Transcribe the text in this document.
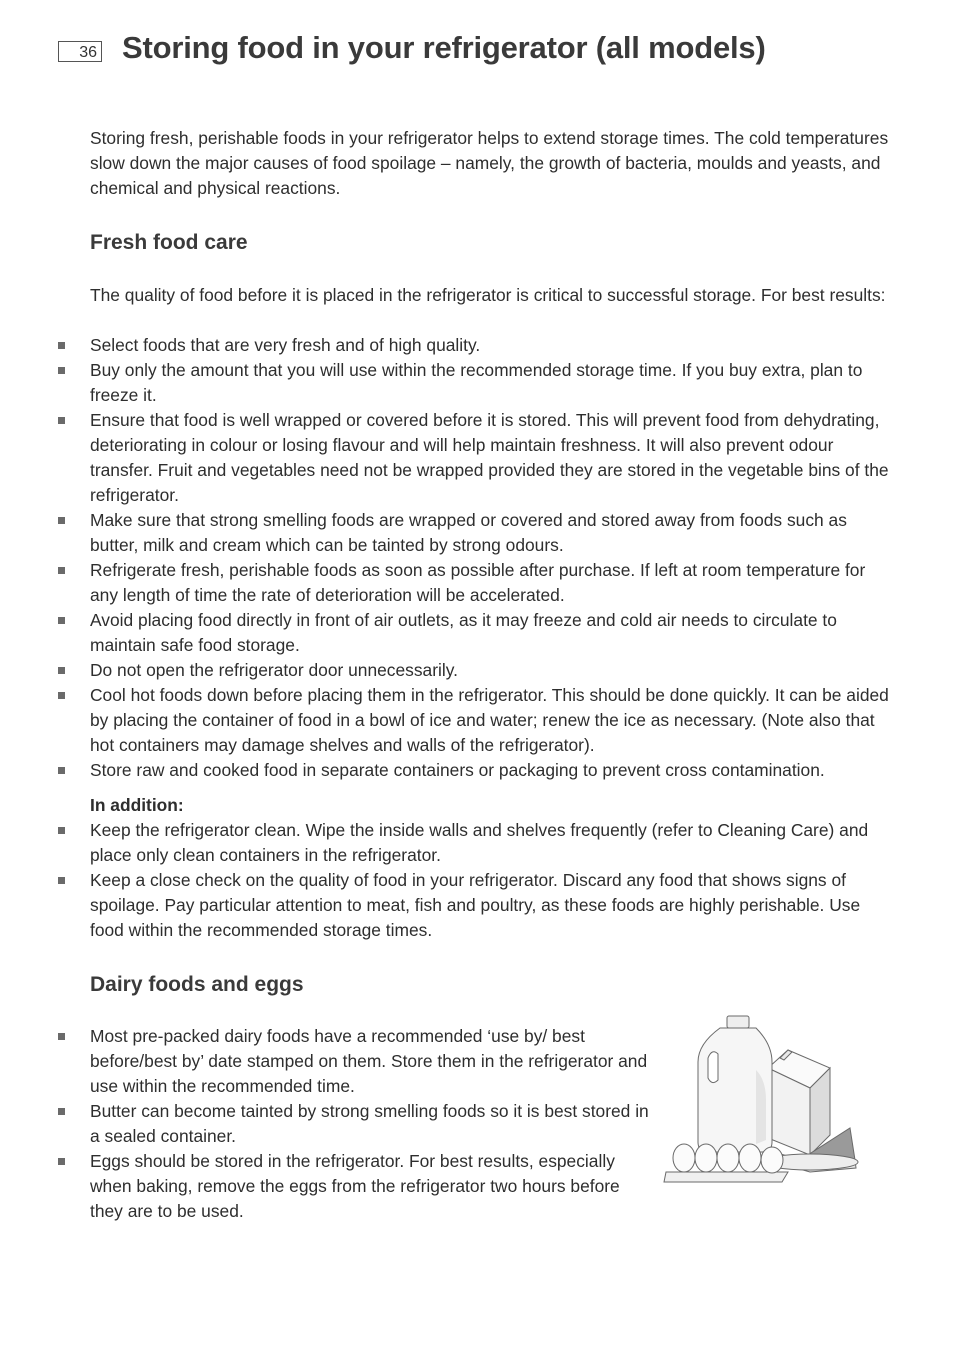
36 Storing food in your refrigerator (all models)

Storing fresh, perishable foods in your refrigerator helps to extend storage times. The cold temperatures slow down the major causes of food spoilage – namely, the growth of bacteria, moulds and yeasts, and chemical and physical reactions.

Fresh food care

The quality of food before it is placed in the refrigerator is critical to successful storage. For best results:

Select foods that are very fresh and of high quality.
Buy only the amount that you will use within the recommended storage time. If you buy extra, plan to freeze it.
Ensure that food is well wrapped or covered before it is stored. This will prevent food from dehydrating, deteriorating in colour or losing flavour and will help maintain freshness. It will also prevent odour transfer. Fruit and vegetables need not be wrapped provided they are stored in the vegetable bins of the refrigerator.
Make sure that strong smelling foods are wrapped or covered and stored away from foods such as butter, milk and cream which can be tainted by strong odours.
Refrigerate fresh, perishable foods as soon as possible after purchase. If left at room temperature for any length of time the rate of deterioration will be accelerated.
Avoid placing food directly in front of air outlets, as it may freeze and cold air needs to circulate to maintain safe food storage.
Do not open the refrigerator door unnecessarily.
Cool hot foods down before placing them in the refrigerator. This should be done quickly. It can be aided by placing the container of food in a bowl of ice and water; renew the ice as necessary. (Note also that hot containers may damage shelves and walls of the refrigerator).
Store raw and cooked food in separate containers or packaging to prevent cross contamination.
In addition:
Keep the refrigerator clean. Wipe the inside walls and shelves frequently (refer to Cleaning Care) and place only clean containers in the refrigerator.
Keep a close check on the quality of food in your refrigerator. Discard any food that shows signs of spoilage. Pay particular attention to meat, fish and poultry, as these foods are highly perishable. Use food within the recommended storage times.
Dairy foods and eggs
Most pre-packed dairy foods have a recommended ‘use by/ best before/best by’ date stamped on them. Store them in the refrigerator and use within the recommended time.
Butter can become tainted by strong smelling foods so it is best stored in a sealed container.
Eggs should be stored in the refrigerator. For best results, especially when baking, remove the eggs from the refrigerator two hours before they are to be used.
